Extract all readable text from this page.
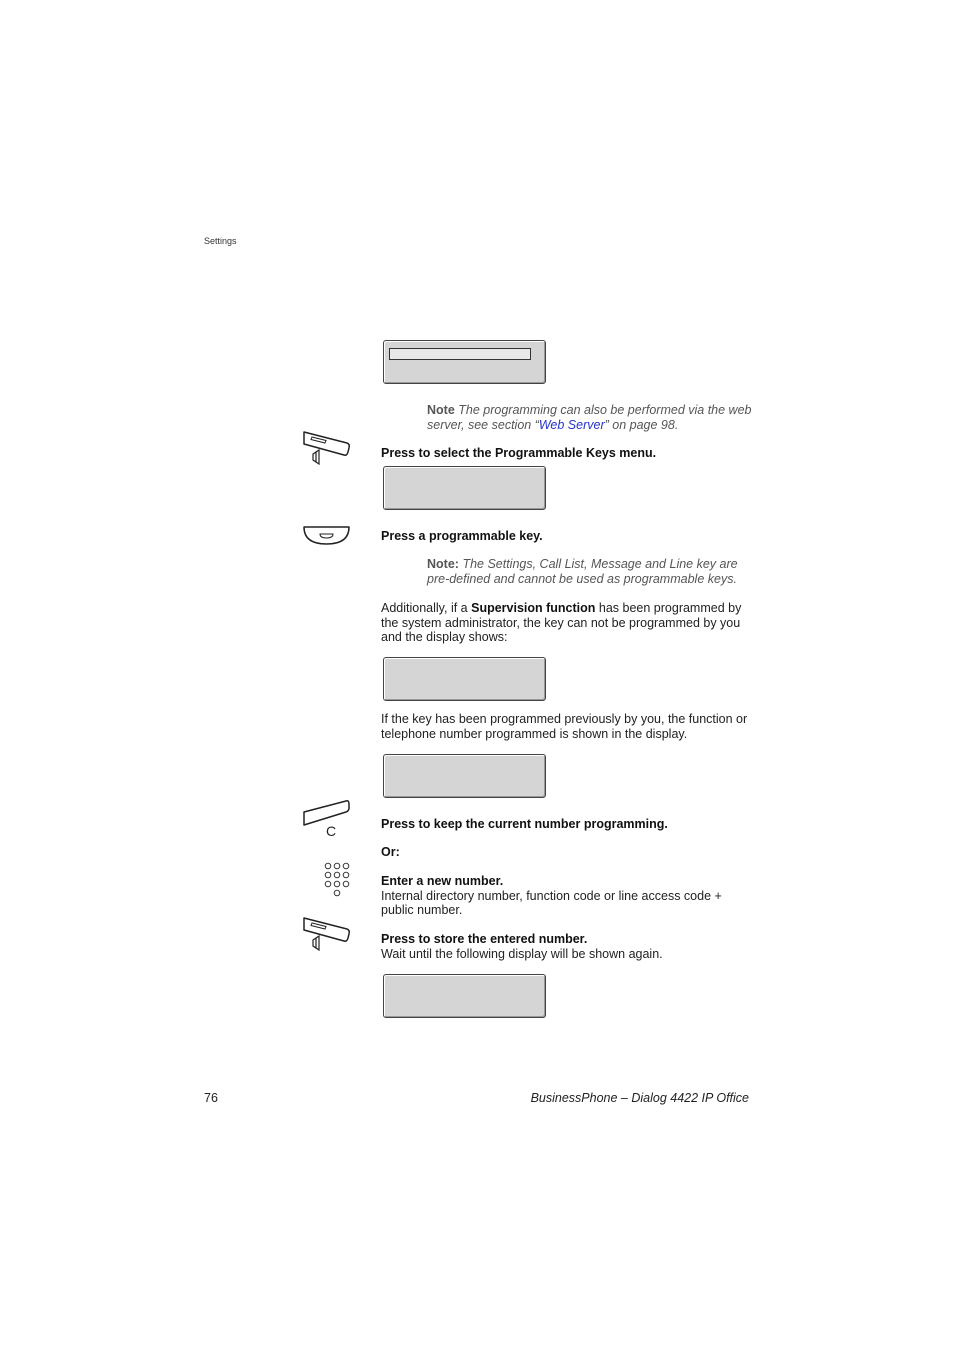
Settings
Note The programming can also be performed via the web server, see section “Web Server” on page 98.
Press to select the Programmable Keys menu.
Press a programmable key.
Note: The Settings, Call List, Message and Line key are pre-defined and cannot be used as programmable keys.
Additionally, if a Supervision function has been programmed by the system administrator, the key can not be programmed by you and the display shows:
If the key has been programmed previously by you, the function or telephone number programmed is shown in the display.
C	Press to keep the current number programming.
Or:
Enter a new number.
Internal directory number, function code or line access code + public number.
Press to store the entered number.
Wait until the following display will be shown again.
76	BusinessPhone – Dialog 4422 IP Office
